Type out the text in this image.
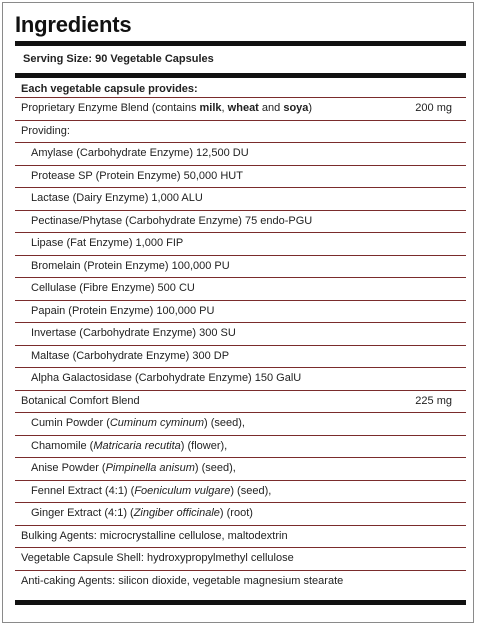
Ingredients
Serving Size: 90 Vegetable Capsules
Each vegetable capsule provides:
Proprietary Enzyme Blend (contains milk, wheat and soya)	200 mg
Providing:
Amylase (Carbohydrate Enzyme) 12,500 DU
Protease SP (Protein Enzyme) 50,000 HUT
Lactase (Dairy Enzyme) 1,000 ALU
Pectinase/Phytase (Carbohydrate Enzyme) 75 endo-PGU
Lipase (Fat Enzyme) 1,000 FIP
Bromelain (Protein Enzyme) 100,000 PU
Cellulase (Fibre Enzyme) 500 CU
Papain (Protein Enzyme) 100,000 PU
Invertase (Carbohydrate Enzyme) 300 SU
Maltase (Carbohydrate Enzyme) 300 DP
Alpha Galactosidase (Carbohydrate Enzyme) 150 GalU
Botanical Comfort Blend	225 mg
Cumin Powder (Cuminum cyminum) (seed),
Chamomile (Matricaria recutita) (flower),
Anise Powder (Pimpinella anisum) (seed),
Fennel Extract (4:1) (Foeniculum vulgare) (seed),
Ginger Extract (4:1) (Zingiber officinale) (root)
Bulking Agents: microcrystalline cellulose, maltodextrin
Vegetable Capsule Shell: hydroxypropylmethyl cellulose
Anti-caking Agents: silicon dioxide, vegetable magnesium stearate
